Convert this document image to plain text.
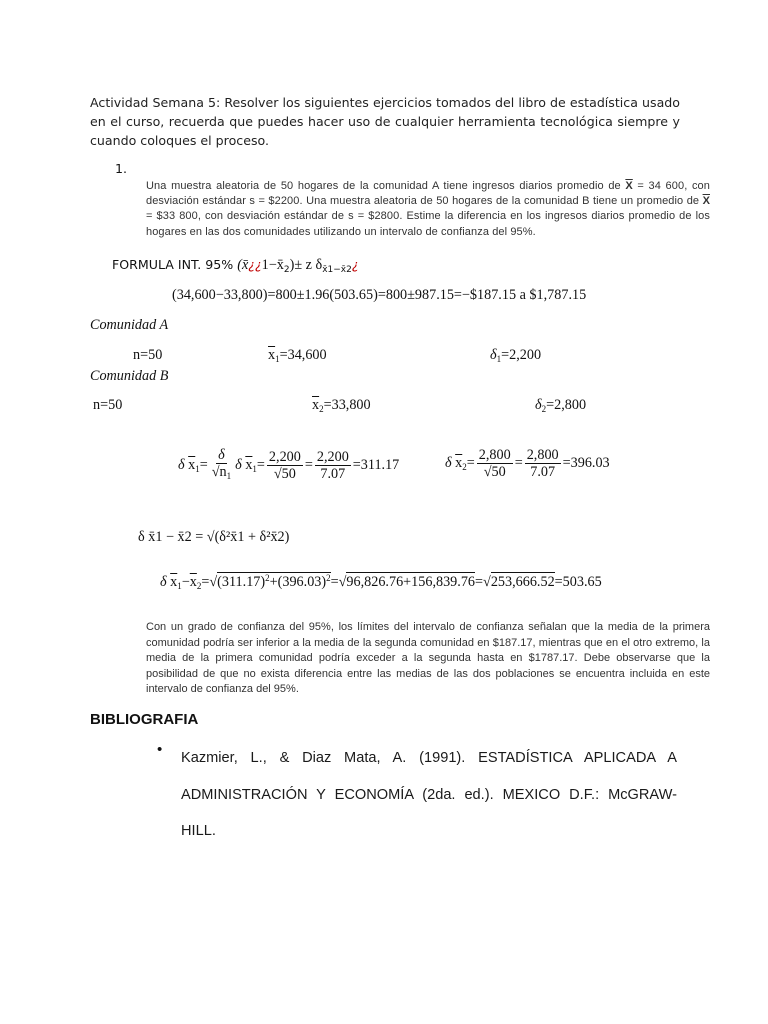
Actividad Semana 5: Resolver los siguientes ejercicios tomados del libro de estadística usado en el curso, recuerda que puedes hacer uso de cualquier herramienta tecnológica siempre y cuando coloques el proceso.
1.
Una muestra aleatoria de 50 hogares de la comunidad A tiene ingresos diarios promedio de $\overline{X} = 34$ 600, con desviación estándar s = $2200. Una muestra aleatoria de 50 hogares de la comunidad B tiene un promedio de $\overline{X}$ = $33 800, con desviación estándar de s = $2800. Estime la diferencia en los ingresos diarios promedio de los hogares en las dos comunidades utilizando un intervalo de confianza del 95%.
FORMULA INT. 95% $(x̄¿¿1-x̄_2)\pm z$ $\delta_{x̄1-x̄2}¿$
(34,600−33,800)=800±1.96(503.65)=800±987.15=−$187.15 a $1,787.15
Comunidad A
n=50	$\overline{x}_1=34,600$	$\delta_1=2,200$
Comunidad B
n=50	$\overline{x}_2=33,800$	$\delta_2=2,800$
δ $\overline{x}_1= \frac{\delta}{√n_1}$ δ $\overline{x}_1= \frac{2,200}{√50} = \frac{2,200}{7.07} =311.17$	δ $\overline{x}_2= \frac{2,800}{√50} = \frac{2,800}{7.07} =396.03$
δ x̄1 − x̄2 = √(δ²x̄1 + δ²x̄2)
δ $\overline{x}_1-\overline{x}_2=√(311.17)^2+(396.03)^2=√96,826.76+156,839.76=√253,666.52=503.65$
Con un grado de confianza del 95%, los límites del intervalo de confianza señalan que la media de la primera comunidad podría ser inferior a la media de la segunda comunidad en $187.17, mientras que en el otro extremo, la media de la primera comunidad podría exceder a la segunda hasta en $1787.17. Debe observarse que la posibilidad de que no exista diferencia entre las medias de las dos poblaciones se encuentra incluida en este intervalo de confianza del 95%.
BIBLIOGRAFIA
• Kazmier, L., & Diaz Mata, A. (1991). ESTADÍSTICA APLICADA A ADMINISTRACIÓN Y ECONOMÍA (2da. ed.). MEXICO D.F.: McGRAW-HILL.
